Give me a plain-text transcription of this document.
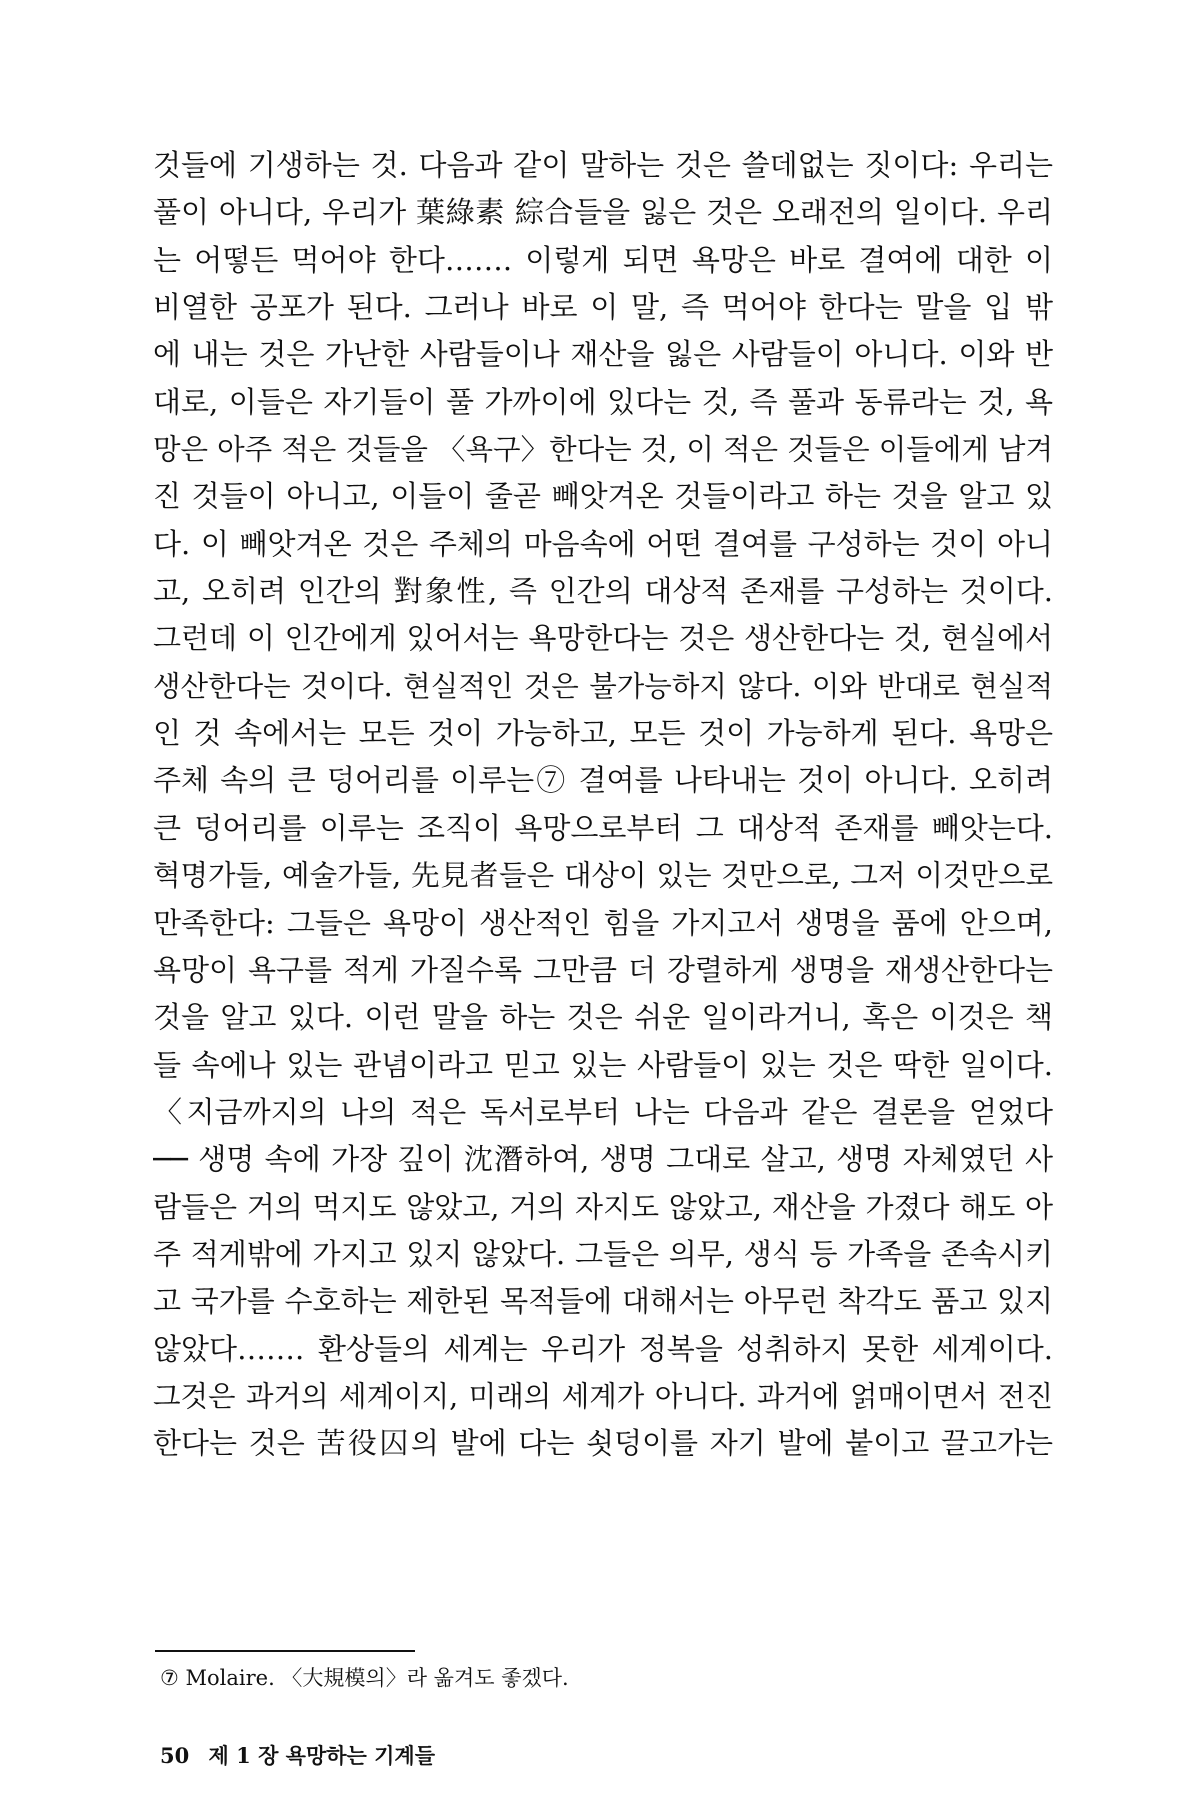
것들에 기생하는 것. 다음과 같이 말하는 것은 쓸데없는 짓이다: 우리는
풀이 아니다, 우리가 葉綠素 綜合들을 잃은 것은 오래전의 일이다. 우리
는 어떻든 먹어야 한다……. 이렇게 되면 욕망은 바로 결여에 대한 이
비열한 공포가 된다. 그러나 바로 이 말, 즉 먹어야 한다는 말을 입 밖
에 내는 것은 가난한 사람들이나 재산을 잃은 사람들이 아니다. 이와 반
대로, 이들은 자기들이 풀 가까이에 있다는 것, 즉 풀과 동류라는 것, 욕
망은 아주 적은 것들을 〈욕구〉한다는 것, 이 적은 것들은 이들에게 남겨
진 것들이 아니고, 이들이 줄곧 빼앗겨온 것들이라고 하는 것을 알고 있
다. 이 빼앗겨온 것은 주체의 마음속에 어떤 결여를 구성하는 것이 아니
고, 오히려 인간의 對象性, 즉 인간의 대상적 존재를 구성하는 것이다.
그런데 이 인간에게 있어서는 욕망한다는 것은 생산한다는 것, 현실에서
생산한다는 것이다. 현실적인 것은 불가능하지 않다. 이와 반대로 현실적
인 것 속에서는 모든 것이 가능하고, 모든 것이 가능하게 된다. 욕망은
주체 속의 큰 덩어리를 이루는⑦ 결여를 나타내는 것이 아니다. 오히려
큰 덩어리를 이루는 조직이 욕망으로부터 그 대상적 존재를 빼앗는다.
혁명가들, 예술가들, 先見者들은 대상이 있는 것만으로, 그저 이것만으로
만족한다: 그들은 욕망이 생산적인 힘을 가지고서 생명을 품에 안으며,
욕망이 욕구를 적게 가질수록 그만큼 더 강렬하게 생명을 재생산한다는
것을 알고 있다. 이런 말을 하는 것은 쉬운 일이라거니, 혹은 이것은 책
들 속에나 있는 관념이라고 믿고 있는 사람들이 있는 것은 딱한 일이다.
〈지금까지의 나의 적은 독서로부터 나는 다음과 같은 결론을 얻었다
── 생명 속에 가장 깊이 沈潛하여, 생명 그대로 살고, 생명 자체였던 사
람들은 거의 먹지도 않았고, 거의 자지도 않았고, 재산을 가졌다 해도 아
주 적게밖에 가지고 있지 않았다. 그들은 의무, 생식 등 가족을 존속시키
고 국가를 수호하는 제한된 목적들에 대해서는 아무런 착각도 품고 있지
않았다……. 환상들의 세계는 우리가 정복을 성취하지 못한 세계이다.
그것은 과거의 세계이지, 미래의 세계가 아니다. 과거에 얽매이면서 전진
한다는 것은 苦役囚의 발에 다는 쇳덩이를 자기 발에 붙이고 끌고가는
⑦ Molaire. 〈大規模의〉라 옮겨도 좋겠다.
50 제 1 장 욕망하는 기계들
